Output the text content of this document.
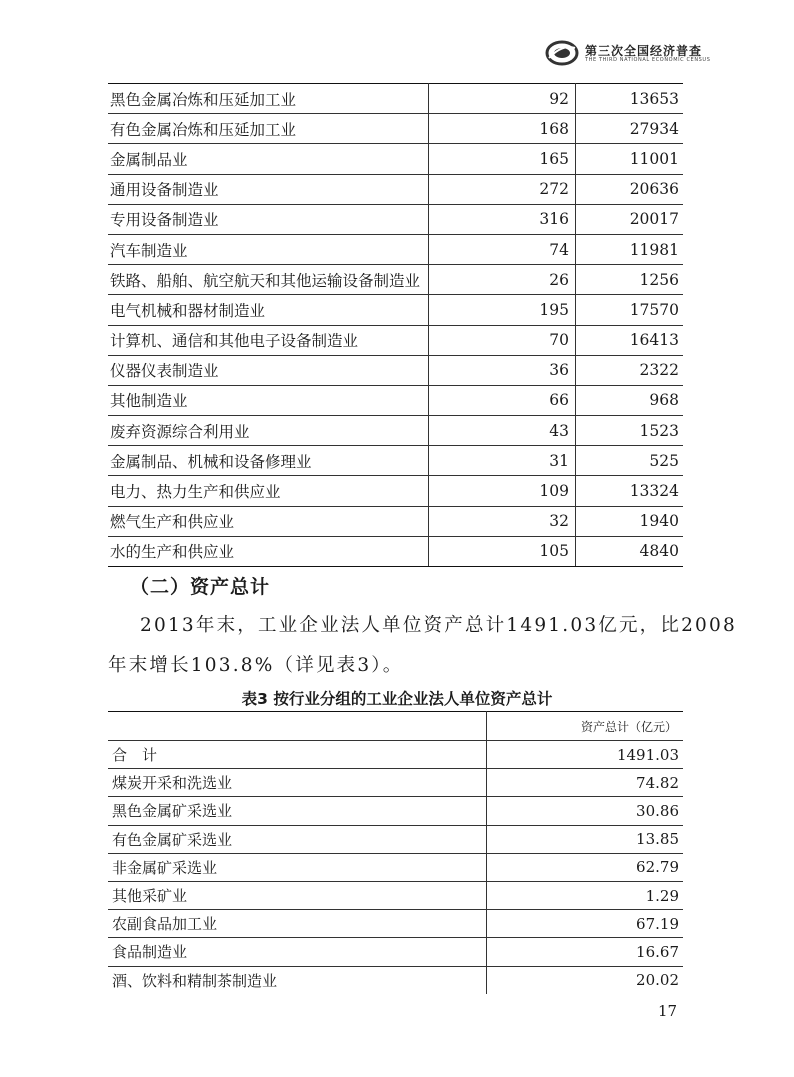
第三次全国经济普查
THE THIRD NATIONAL ECONOMIC CENSUS
黑色金属冶炼和压延加工业	92	13653
有色金属冶炼和压延加工业	168	27934
金属制品业	165	11001
通用设备制造业	272	20636
专用设备制造业	316	20017
汽车制造业	74	11981
铁路、船舶、航空航天和其他运输设备制造业	26	1256
电气机械和器材制造业	195	17570
计算机、通信和其他电子设备制造业	70	16413
仪器仪表制造业	36	2322
其他制造业	66	968
废弃资源综合利用业	43	1523
金属制品、机械和设备修理业	31	525
电力、热力生产和供应业	109	13324
燃气生产和供应业	32	1940
水的生产和供应业	105	4840
（二）资产总计
2013年末，工业企业法人单位资产总计1491.03亿元，比2008
年末增长103.8%（详见表3）。
表3 按行业分组的工业企业法人单位资产总计
	资产总计（亿元）
合　计	1491.03
煤炭开采和洗选业	74.82
黑色金属矿采选业	30.86
有色金属矿采选业	13.85
非金属矿采选业	62.79
其他采矿业	1.29
农副食品加工业	67.19
食品制造业	16.67
酒、饮料和精制茶制造业	20.02
17
